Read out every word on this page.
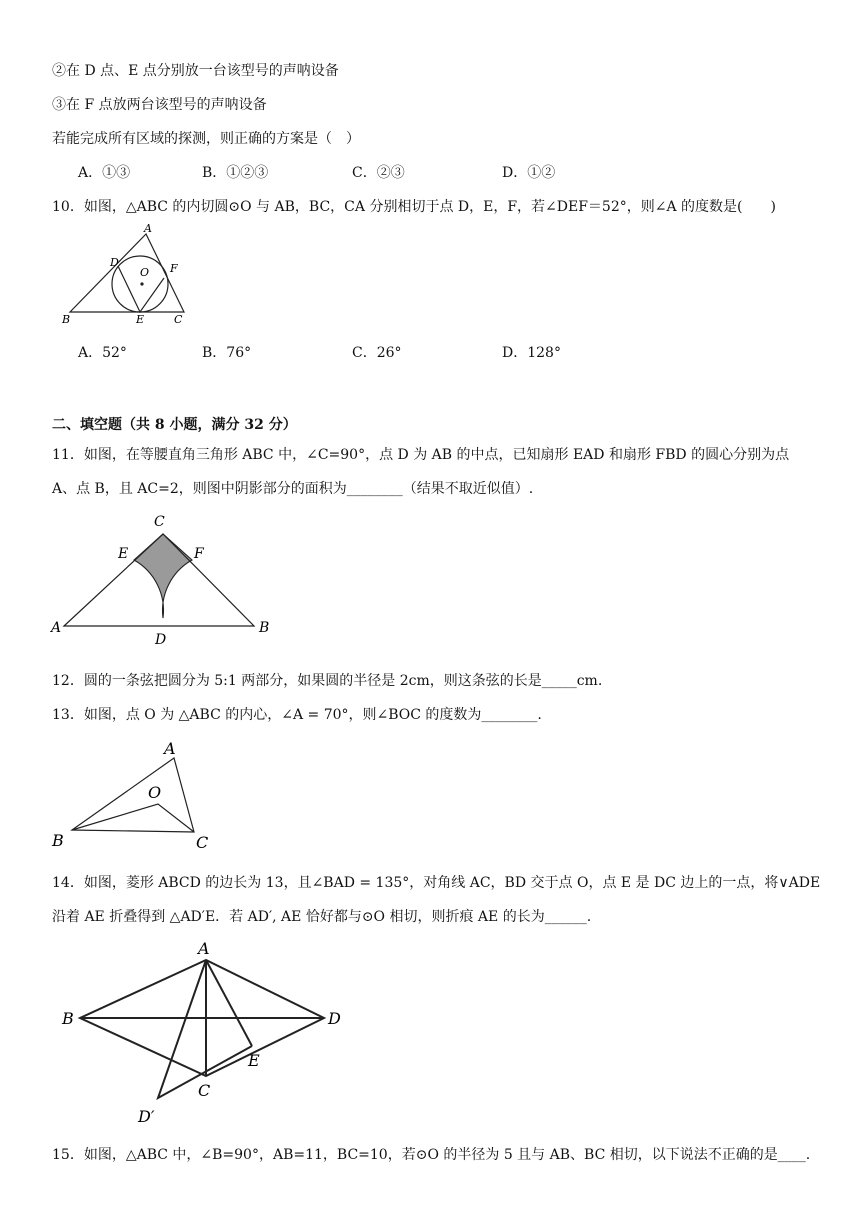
②在 D 点、E 点分别放一台该型号的声呐设备
③在 F 点放两台该型号的声呐设备
若能完成所有区域的探测，则正确的方案是（　）
A．①③	B．①②③	C．②③	D．①②
10．如图，△ABC 的内切圆⊙O 与 AB，BC，CA 分别相切于点 D，E，F，若∠DEF＝52°，则∠A 的度数是(　　)
A
B	C
D
E
F
O
A．52°	B．76°	C．26°	D．128°
二、填空题（共 8 小题，满分 32 分）
11．如图，在等腰直角三角形 ABC 中，∠C=90°，点 D 为 AB 的中点，已知扇形 EAD 和扇形 FBD 的圆心分别为点
A、点 B，且 AC=2，则图中阴影部分的面积为________（结果不取近似值）.
C
E	F
A	B
D
12．圆的一条弦把圆分为 5:1 两部分，如果圆的半径是 2cm，则这条弦的长是_____cm.
13．如图，点 O 为 △ABC 的内心，∠A = 70°，则∠BOC 的度数为________.
A
B	C
O
14．如图，菱形 ABCD 的边长为 13，且∠BAD = 135°，对角线 AC，BD 交于点 O，点 E 是 DC 边上的一点，将∨ADE
沿着 AE 折叠得到 △AD′E．若 AD′, AE 恰好都与⊙O 相切，则折痕 AE 的长为______.
A
B	D
C
E
D′
15．如图，△ABC 中，∠B=90°，AB=11，BC=10，若⊙O 的半径为 5 且与 AB、BC 相切，以下说法不正确的是____.
